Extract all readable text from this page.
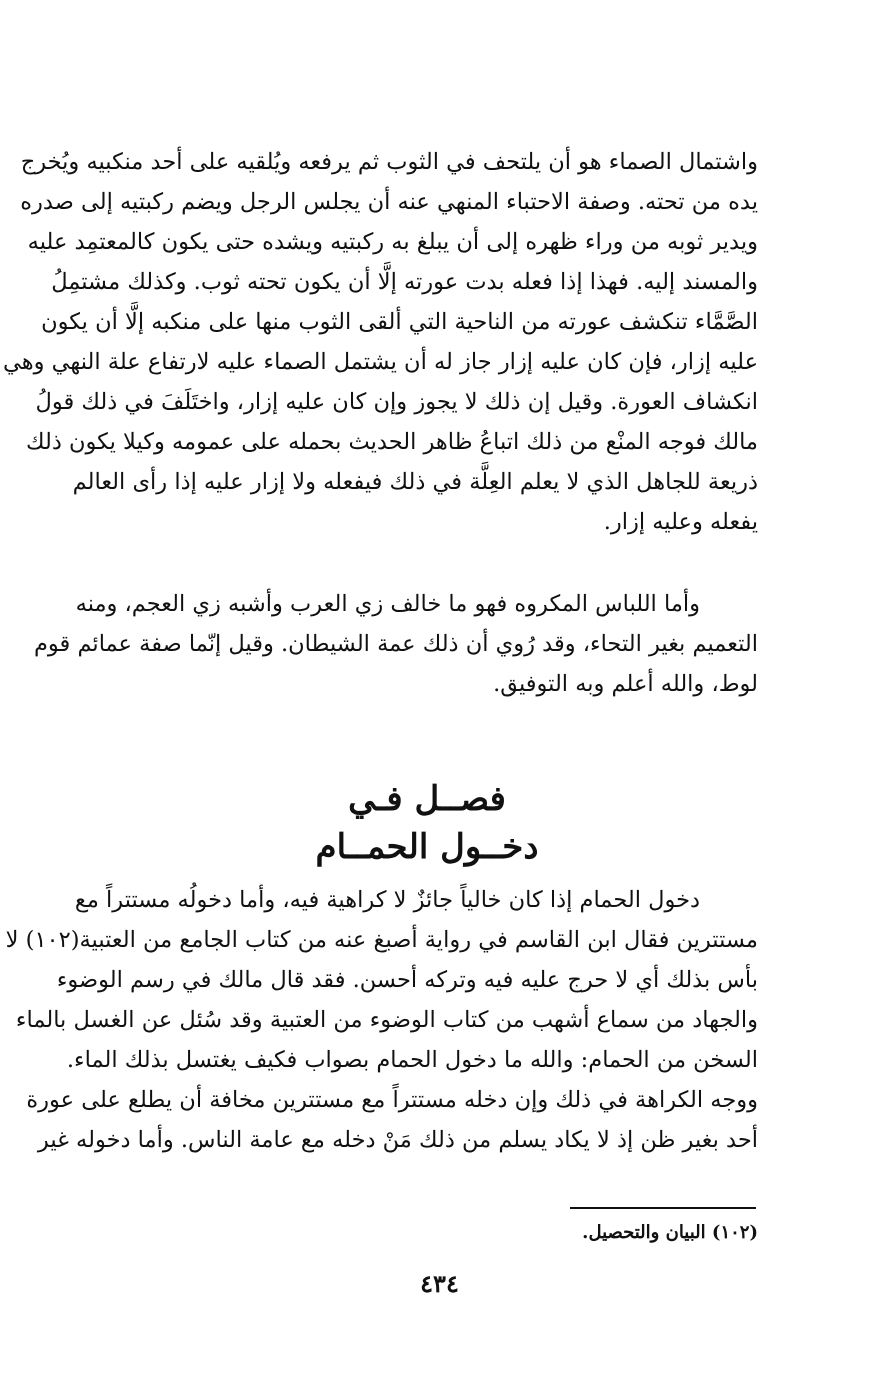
واشتمال الصماء هو أن يلتحف في الثوب ثم يرفعه ويُلقيه على أحد منكبيه ويُخرج
يده من تحته. وصفة الاحتباء المنهي عنه أن يجلس الرجل ويضم ركبتيه إلى صدره
ويدير ثوبه من وراء ظهره إلى أن يبلغ به ركبتيه ويشده حتى يكون كالمعتمِد عليه
والمسند إليه. فهذا إذا فعله بدت عورته إلَّا أن يكون تحته ثوب. وكذلك مشتمِلُ
الصَّمَّاء تنكشف عورته من الناحية التي ألقى الثوب منها على منكبه إلَّا أن يكون
عليه إزار، فإن كان عليه إزار جاز له أن يشتمل الصماء عليه لارتفاع علة النهي وهي
انكشاف العورة. وقيل إن ذلك لا يجوز وإن كان عليه إزار، واختَلَفَ في ذلك قولُ
مالك فوجه المنْع من ذلك اتباعُ ظاهر الحديث بحمله على عمومه وكيلا يكون ذلك
ذريعة للجاهل الذي لا يعلم العِلَّة في ذلك فيفعله ولا إزار عليه إذا رأى العالم
يفعله وعليه إزار.
وأما اللباس المكروه فهو ما خالف زي العرب وأشبه زي العجم، ومنه
التعميم بغير التحاء، وقد رُوي أن ذلك عمة الشيطان. وقيل إنّما صفة عمائم قوم
لوط، والله أعلم وبه التوفيق.
فصــل فـي
دخــول الحمــام
دخول الحمام إذا كان خالياً جائزٌ لا كراهية فيه، وأما دخولُه مستتراً مع
مستترين فقال ابن القاسم في رواية أصبغ عنه من كتاب الجامع من العتبية(١٠٢) لا
بأس بذلك أي لا حرج عليه فيه وتركه أحسن. فقد قال مالك في رسم الوضوء
والجهاد من سماع أشهب من كتاب الوضوء من العتبية وقد سُئل عن الغسل بالماء
السخن من الحمام: والله ما دخول الحمام بصواب فكيف يغتسل بذلك الماء.
ووجه الكراهة في ذلك وإن دخله مستتراً مع مستترين مخافة أن يطلع على عورة
أحد بغير ظن إذ لا يكاد يسلم من ذلك مَنْ دخله مع عامة الناس. وأما دخوله غير
(١٠٢) البيان والتحصيل.
٤٣٤
